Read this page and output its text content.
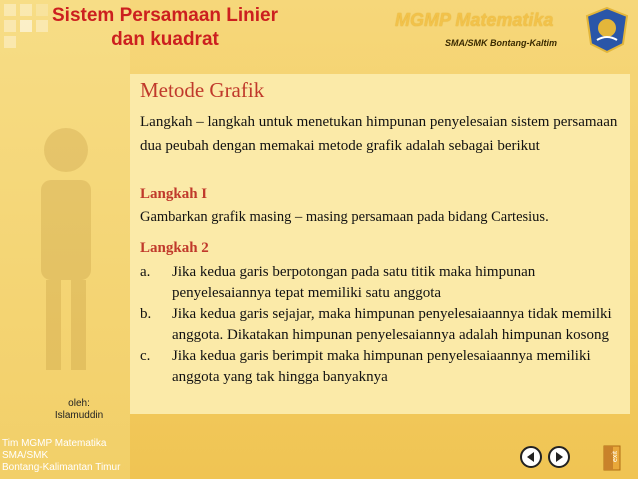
Sistem Persamaan Linier
dan kuadrat
MGMP Matematika
SMA/SMK Bontang-Kaltim
Metode Grafik
Langkah – langkah untuk menetukan himpunan penyelesaian sistem persamaan dua peubah dengan memakai metode grafik adalah sebagai berikut
Langkah I
Gambarkan grafik masing – masing persamaan pada bidang Cartesius.
Langkah 2
a. Jika kedua garis berpotongan pada satu titik maka himpunan penyelesaiannya tepat memiliki satu anggota
b. Jika kedua garis sejajar, maka himpunan penyelesaiaannya tidak memilki anggota. Dikatakan himpunan penyelesaiannya adalah himpunan kosong
c. Jika kedua garis berimpit maka himpunan penyelesaiaannya memiliki anggota yang tak hingga banyaknya
oleh:
Islamuddin
Tim MGMP Matematika
SMA/SMK
Bontang-Kalimantan Timur
exit
